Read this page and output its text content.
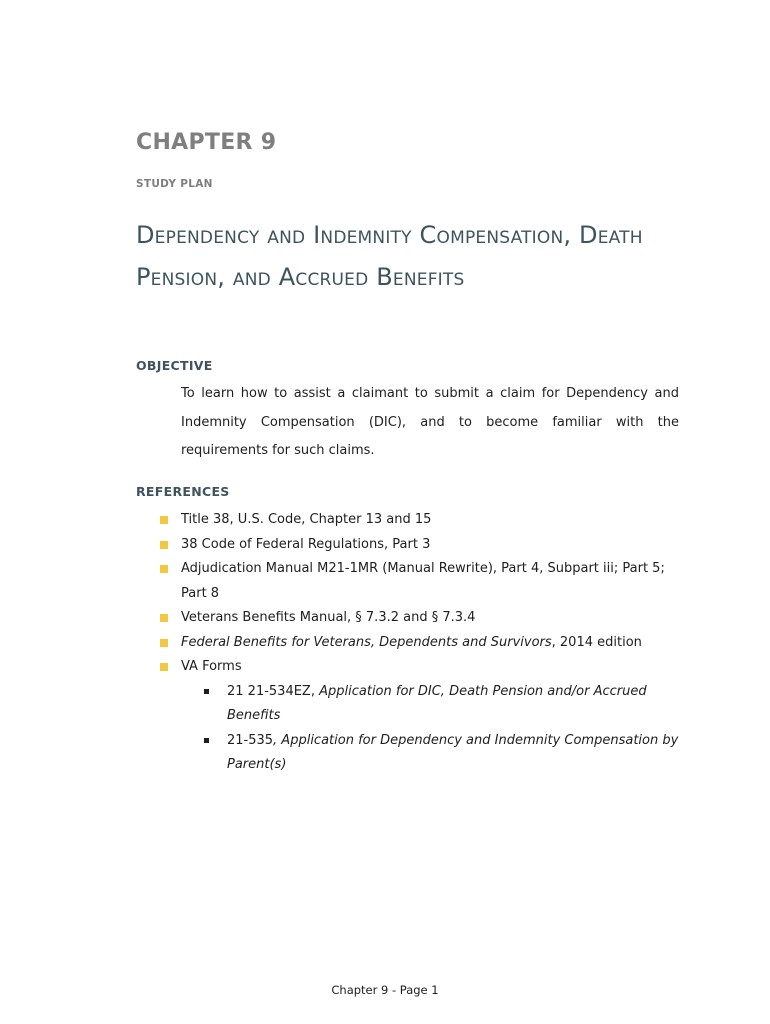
CHAPTER 9
STUDY PLAN
Dependency and Indemnity Compensation, Death Pension, and Accrued Benefits
OBJECTIVE

To learn how to assist a claimant to submit a claim for Dependency and Indemnity Compensation (DIC), and to become familiar with the requirements for such claims.

REFERENCES
Title 38, U.S. Code, Chapter 13 and 15
38 Code of Federal Regulations, Part 3
Adjudication Manual M21-1MR (Manual Rewrite), Part 4, Subpart iii; Part 5; Part 8
Veterans Benefits Manual, § 7.3.2 and § 7.3.4
Federal Benefits for Veterans, Dependents and Survivors, 2014 edition
VA Forms
21 21-534EZ, Application for DIC, Death Pension and/or Accrued Benefits
21-535, Application for Dependency and Indemnity Compensation by Parent(s)
Chapter 9 - Page 1
